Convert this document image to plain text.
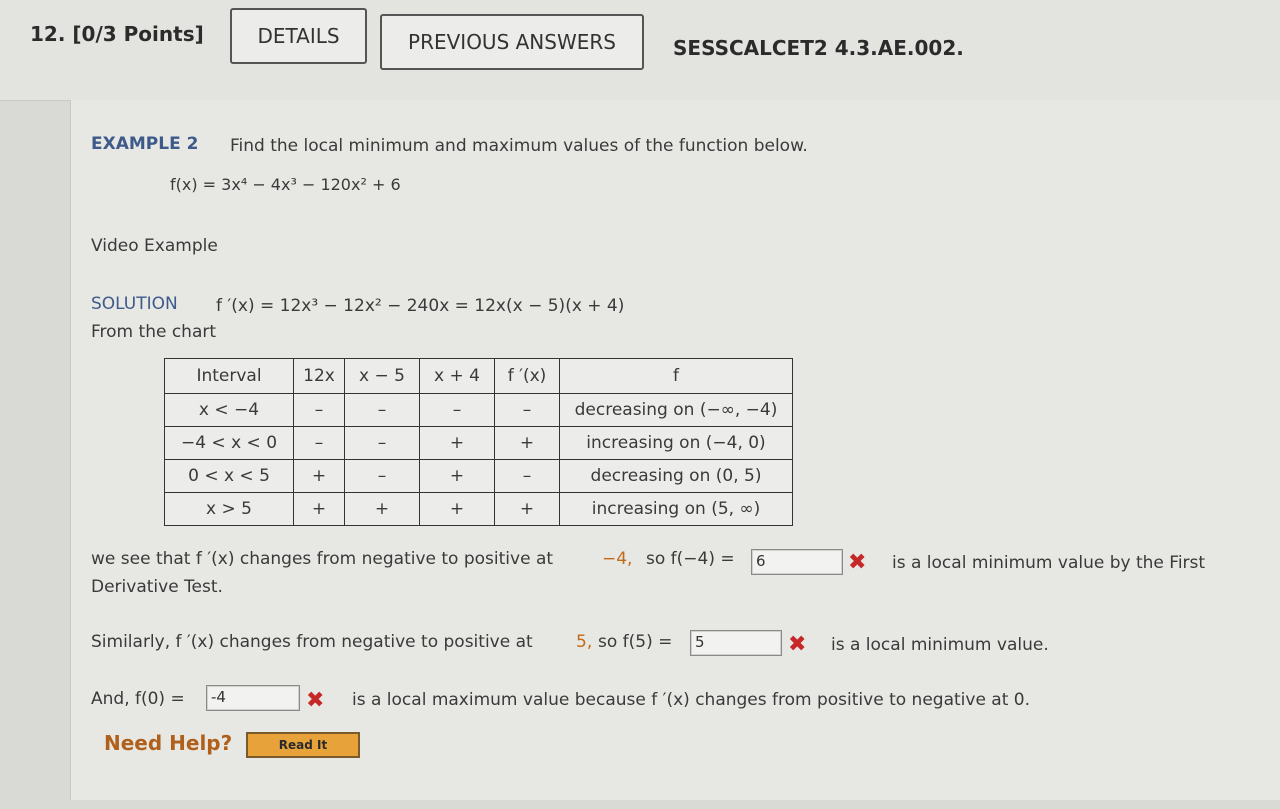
12. [0/3 Points]	DETAILS	PREVIOUS ANSWERS	SESSCALCET2 4.3.AE.002.
EXAMPLE 2 Find the local minimum and maximum values of the function below.
f(x) = 3x⁴ − 4x³ − 120x² + 6
Video Example
SOLUTION f ′(x) = 12x³ − 12x² − 240x = 12x(x − 5)(x + 4)
From the chart
Interval	12x	x − 5	x + 4	f ′(x)	f
x < −4	–	–	–	–	decreasing on (−∞, −4)
−4 < x < 0	–	–	+	+	increasing on (−4, 0)
0 < x < 5	+	–	+	–	decreasing on (0, 5)
x > 5	+	+	+	+	increasing on (5, ∞)
we see that f ′(x) changes from negative to positive at	−4, so f(−4) =	6	✖ is a local minimum value by the First
Derivative Test.
Similarly, f ′(x) changes from negative to positive at	5, so f(5) =	5	✖ is a local minimum value.
And, f(0) =	-4	✖ is a local maximum value because f ′(x) changes from positive to negative at 0.
Need Help?	Read It
